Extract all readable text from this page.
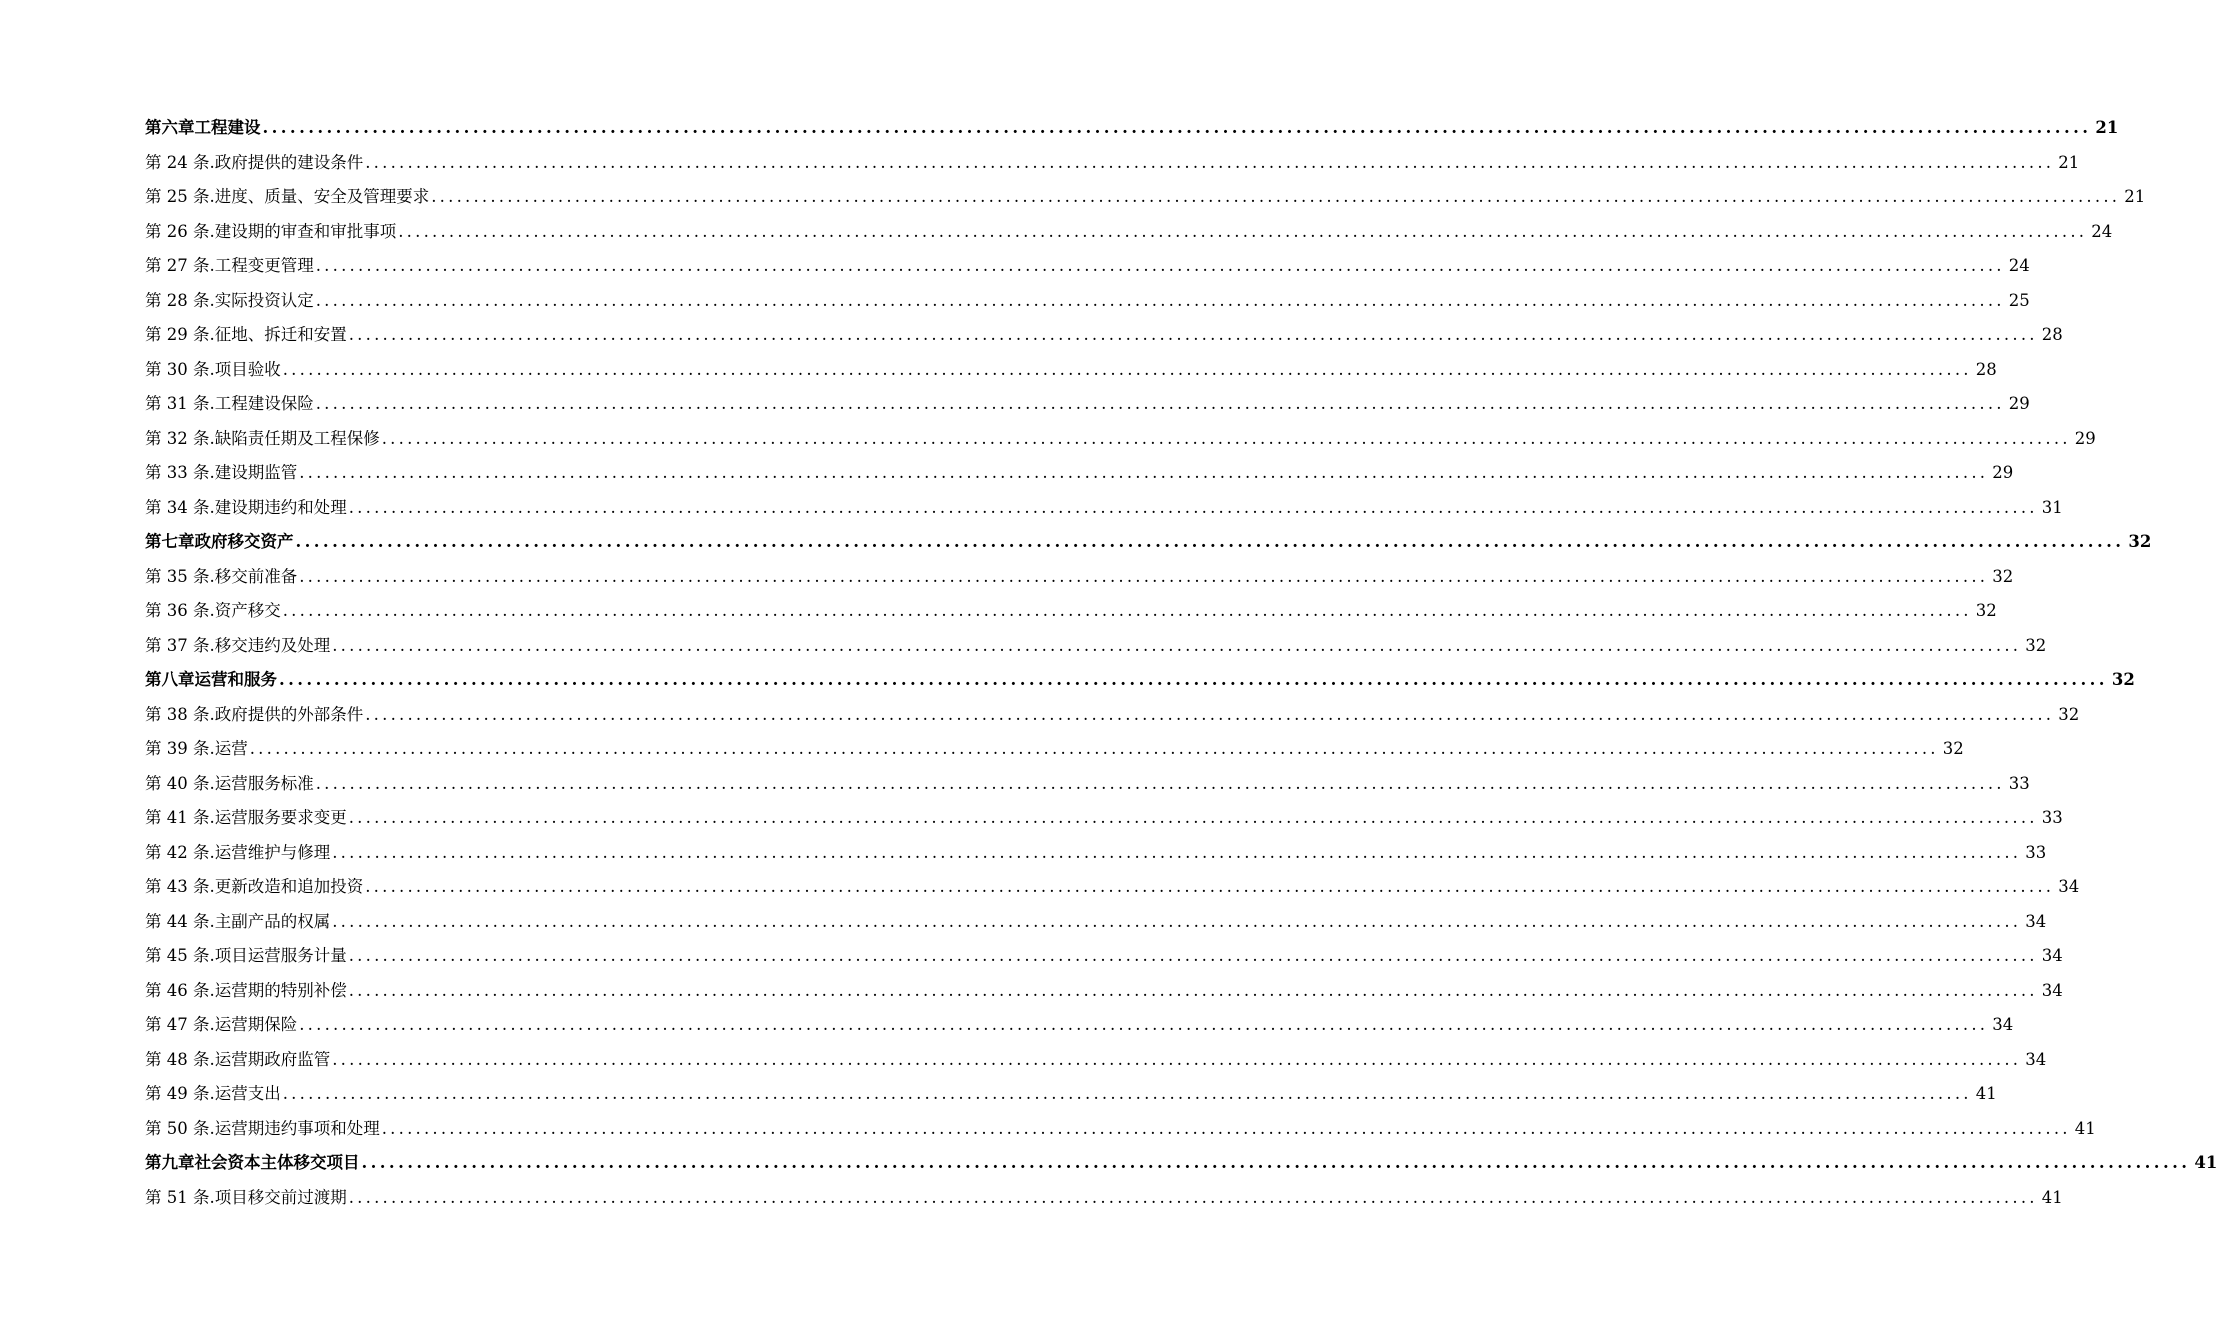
第六章 工程建设 ........................................................................................................................................................................................................ 21
第 24 条. 政府提供的建设条件 ........................................................................................................................................................................................................ 21
第 25 条. 进度、质量、安全及管理要求 ........................................................................................................................................................................................................ 21
第 26 条. 建设期的审查和审批事项 ........................................................................................................................................................................................................ 24
第 27 条. 工程变更管理 ........................................................................................................................................................................................................ 24
第 28 条. 实际投资认定 ........................................................................................................................................................................................................ 25
第 29 条. 征地、拆迁和安置 ........................................................................................................................................................................................................ 28
第 30 条. 项目验收 ........................................................................................................................................................................................................ 28
第 31 条. 工程建设保险 ........................................................................................................................................................................................................ 29
第 32 条. 缺陷责任期及工程保修 ........................................................................................................................................................................................................ 29
第 33 条. 建设期监管 ........................................................................................................................................................................................................ 29
第 34 条. 建设期违约和处理 ........................................................................................................................................................................................................ 31
第七章 政府移交资产 ........................................................................................................................................................................................................ 32
第 35 条. 移交前准备 ........................................................................................................................................................................................................ 32
第 36 条. 资产移交 ........................................................................................................................................................................................................ 32
第 37 条. 移交违约及处理 ........................................................................................................................................................................................................ 32
第八章 运营和服务 ........................................................................................................................................................................................................ 32
第 38 条. 政府提供的外部条件 ........................................................................................................................................................................................................ 32
第 39 条. 运营 ........................................................................................................................................................................................................ 32
第 40 条. 运营服务标准 ........................................................................................................................................................................................................ 33
第 41 条. 运营服务要求变更 ........................................................................................................................................................................................................ 33
第 42 条. 运营维护与修理 ........................................................................................................................................................................................................ 33
第 43 条. 更新改造和追加投资 ........................................................................................................................................................................................................ 34
第 44 条. 主副产品的权属 ........................................................................................................................................................................................................ 34
第 45 条. 项目运营服务计量 ........................................................................................................................................................................................................ 34
第 46 条. 运营期的特别补偿 ........................................................................................................................................................................................................ 34
第 47 条. 运营期保险 ........................................................................................................................................................................................................ 34
第 48 条. 运营期政府监管 ........................................................................................................................................................................................................ 34
第 49 条. 运营支出 ........................................................................................................................................................................................................ 41
第 50 条. 运营期违约事项和处理 ........................................................................................................................................................................................................ 41
第九章 社会资本主体移交项目 ........................................................................................................................................................................................................ 41
第 51 条. 项目移交前过渡期 ........................................................................................................................................................................................................ 41
